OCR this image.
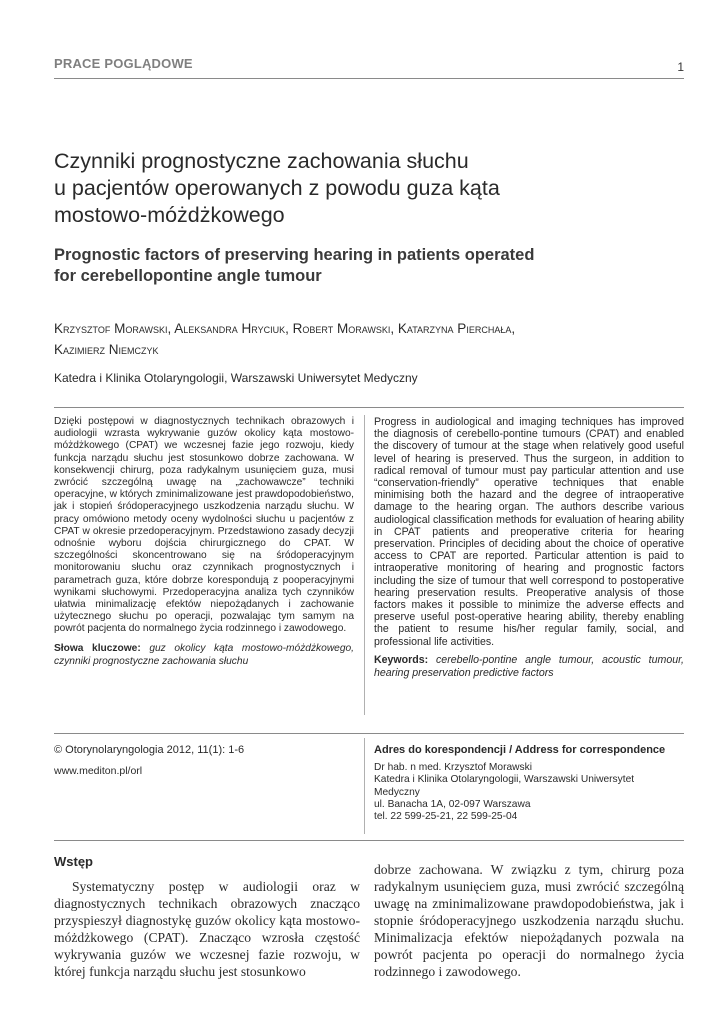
PRACE POGLĄDOWE	1
Czynniki prognostyczne zachowania słuchu
u pacjentów operowanych z powodu guza kąta
mostowo-móżdżkowego
Prognostic factors of preserving hearing in patients operated
for cerebellopontine angle tumour
Krzysztof Morawski, Aleksandra Hryciuk, Robert Morawski, Katarzyna Pierchała,
Kazimierz Niemczyk
Katedra i Klinika Otolaryngologii, Warszawski Uniwersytet Medyczny
Dzięki postępowi w diagnostycznych technikach obrazowych i audiologii wzrasta wykrywanie guzów okolicy kąta mostowo-móżdżkowego (CPAT) we wczesnej fazie jego rozwoju, kiedy funkcja narządu słuchu jest stosunkowo dobrze zachowana. W konsekwencji chirurg, poza radykalnym usunięciem guza, musi zwrócić szczególną uwagę na „zachowawcze” techniki operacyjne, w których zminimalizowane jest prawdopodobieństwo, jak i stopień śródoperacyjnego uszkodzenia narządu słuchu. W pracy omówiono metody oceny wydolności słuchu u pacjentów z CPAT w okresie przedoperacyjnym. Przedstawiono zasady decyzji odnośnie wyboru dojścia chirurgicznego do CPAT. W szczególności skoncentrowano się na śródoperacyjnym monitorowaniu słuchu oraz czynnikach prognostycznych i parametrach guza, które dobrze korespondują z pooperacyjnymi wynikami słuchowymi. Przedoperacyjna analiza tych czynników ułatwia minimalizację efektów niepożądanych i zachowanie użytecznego słuchu po operacji, pozwalając tym samym na powrót pacjenta do normalnego życia rodzinnego i zawodowego.
Słowa kluczowe: guz okolicy kąta mostowo-móżdżkowego, czynniki prognostyczne zachowania słuchu
Progress in audiological and imaging techniques has improved the diagnosis of cerebello-pontine tumours (CPAT) and enabled the discovery of tumour at the stage when relatively good useful level of hearing is preserved. Thus the surgeon, in addition to radical removal of tumour must pay particular attention and use “conservation-friendly” operative techniques that enable minimising both the hazard and the degree of intraoperative damage to the hearing organ. The authors describe various audiological classification methods for evaluation of hearing ability in CPAT patients and preoperative criteria for hearing preservation. Principles of deciding about the choice of operative access to CPAT are reported. Particular attention is paid to intraoperative monitoring of hearing and prognostic factors including the size of tumour that well correspond to postoperative hearing preservation results. Preoperative analysis of those factors makes it possible to minimize the adverse effects and preserve useful post-operative hearing ability, thereby enabling the patient to resume his/her regular family, social, and professional life activities.
Keywords: cerebello-pontine angle tumour, acoustic tumour, hearing preservation predictive factors
© Otorynolaryngologia 2012, 11(1): 1-6
www.mediton.pl/orl
Adres do korespondencji / Address for correspondence
Dr hab. n med. Krzysztof Morawski
Katedra i Klinika Otolaryngologii, Warszawski Uniwersytet
Medyczny
ul. Banacha 1A, 02-097 Warszawa
tel. 22 599-25-21, 22 599-25-04
Wstęp
Systematyczny postęp w audiologii oraz w diagnostycznych technikach obrazowych znacząco przyspieszył diagnostykę guzów okolicy kąta mostowo-móżdżkowego (CPAT). Znacząco wzrosła częstość wykrywania guzów we wczesnej fazie rozwoju, w której funkcja narządu słuchu jest stosunkowo
dobrze zachowana. W związku z tym, chirurg poza radykalnym usunięciem guza, musi zwrócić szczególną uwagę na zminimalizowane prawdopodobieństwa, jak i stopnie śródoperacyjnego uszkodzenia narządu słuchu. Minimalizacja efektów niepożądanych pozwala na powrót pacjenta po operacji do normalnego życia rodzinnego i zawodowego.
